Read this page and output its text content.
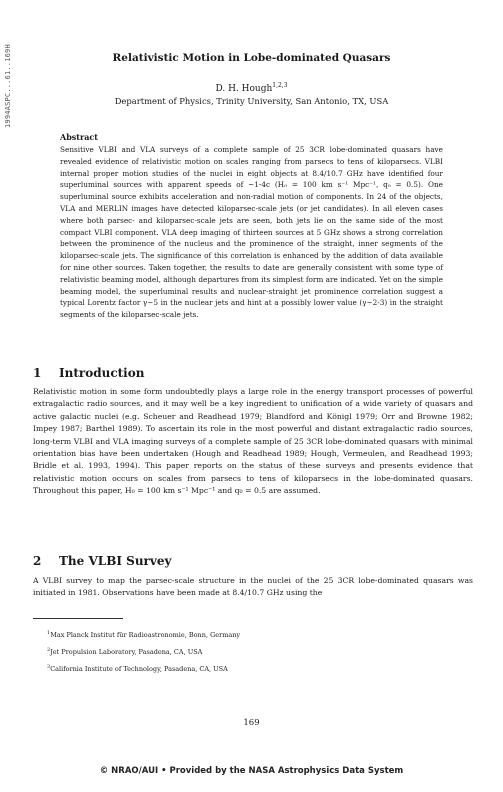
1994ASPC...61..169H	Relativistic Motion in Lobe-dominated Quasars
D. H. Hough$^{1,2,3}$
Department of Physics, Trinity University, San Antonio, TX, USA

Abstract

Sensitive VLBI and VLA surveys of a complete sample of 25 3CR lobe-dominated quasars have revealed evidence of relativistic motion on scales ranging from parsecs to tens of kiloparsecs. VLBI internal proper motion studies of the nuclei in eight objects at 8.4/10.7 GHz have identified four superluminal sources with apparent speeds of ~1-4c (H₀ = 100 km s⁻¹ Mpc⁻¹, q₀ = 0.5). One superluminal source exhibits acceleration and non-radial motion of components. In 24 of the objects, VLA and MERLIN images have detected kiloparsec-scale jets (or jet candidates). In all eleven cases where both parsec- and kiloparsec-scale jets are seen, both jets lie on the same side of the most compact VLBI component. VLA deep imaging of thirteen sources at 5 GHz shows a strong correlation between the prominence of the nucleus and the prominence of the straight, inner segments of the kiloparsec-scale jets. The significance of this correlation is enhanced by the addition of data available for nine other sources. Taken together, the results to date are generally consistent with some type of relativistic beaming model, although departures from its simplest form are indicated. Yet on the simple beaming model, the superluminal results and nuclear-straight jet prominence correlation suggest a typical Lorentz factor γ~5 in the nuclear jets and hint at a possibly lower value (γ~2-3) in the straight segments of the kiloparsec-scale jets.

1 Introduction

Relativistic motion in some form undoubtedly plays a large role in the energy transport processes of powerful extragalactic radio sources, and it may well be a key ingredient to unification of a wide variety of quasars and active galactic nuclei (e.g. Scheuer and Readhead 1979; Blandford and Königl 1979; Orr and Browne 1982; Impey 1987; Barthel 1989). To ascertain its role in the most powerful and distant extragalactic radio sources, long-term VLBI and VLA imaging surveys of a complete sample of 25 3CR lobe-dominated quasars with minimal orientation bias have been undertaken (Hough and Readhead 1989; Hough, Vermeulen, and Readhead 1993; Bridle et al. 1993, 1994). This paper reports on the status of these surveys and presents evidence that relativistic motion occurs on scales from parsecs to tens of kiloparsecs in the lobe-dominated quasars. Throughout this paper, H₀ = 100 km s⁻¹ Mpc⁻¹ and q₀ = 0.5 are assumed.

2 The VLBI Survey

A VLBI survey to map the parsec-scale structure in the nuclei of the 25 3CR lobe-dominated quasars was initiated in 1981. Observations have been made at 8.4/10.7 GHz using the

$^1$Max Planck Institut für Radioastronomie, Bonn, Germany
$^2$Jet Propulsion Laboratory, Pasadena, CA, USA
$^3$California Institute of Technology, Pasadena, CA, USA
169
© NRAO/AUI • Provided by the NASA Astrophysics Data System
